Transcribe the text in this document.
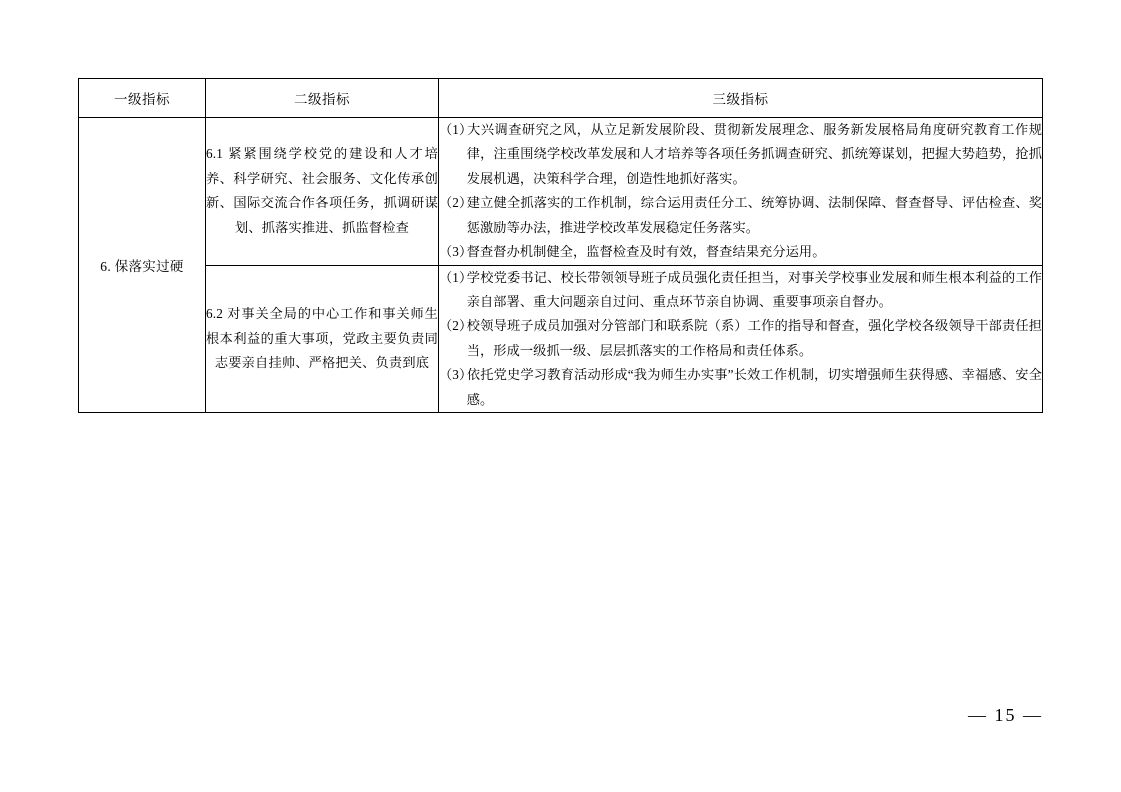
一级指标	二级指标	三级指标
6. 保落实过硬	6.1 紧紧围绕学校党的建设和人才培养、科学研究、社会服务、文化传承创新、国际交流合作各项任务，抓调研谋划、抓落实推进、抓监督检查	（1）大兴调查研究之风，从立足新发展阶段、贯彻新发展理念、服务新发展格局角度研究教育工作规律，注重围绕学校改革发展和人才培养等各项任务抓调查研究、抓统筹谋划，把握大势趋势，抢抓发展机遇，决策科学合理，创造性地抓好落实。

（2）建立健全抓落实的工作机制，综合运用责任分工、统筹协调、法制保障、督查督导、评估检查、奖惩激励等办法，推进学校改革发展稳定任务落实。

（3）督查督办机制健全，监督检查及时有效，督查结果充分运用。

	6.2 对事关全局的中心工作和事关师生根本利益的重大事项，党政主要负责同志要亲自挂帅、严格把关、负责到底	（1）学校党委书记、校长带领领导班子成员强化责任担当，对事关学校事业发展和师生根本利益的工作亲自部署、重大问题亲自过问、重点环节亲自协调、重要事项亲自督办。

（2）校领导班子成员加强对分管部门和联系院（系）工作的指导和督查，强化学校各级领导干部责任担当，形成一级抓一级、层层抓落实的工作格局和责任体系。

（3）依托党史学习教育活动形成“我为师生办实事”长效工作机制，切实增强师生获得感、幸福感、安全感。

— 15 —
